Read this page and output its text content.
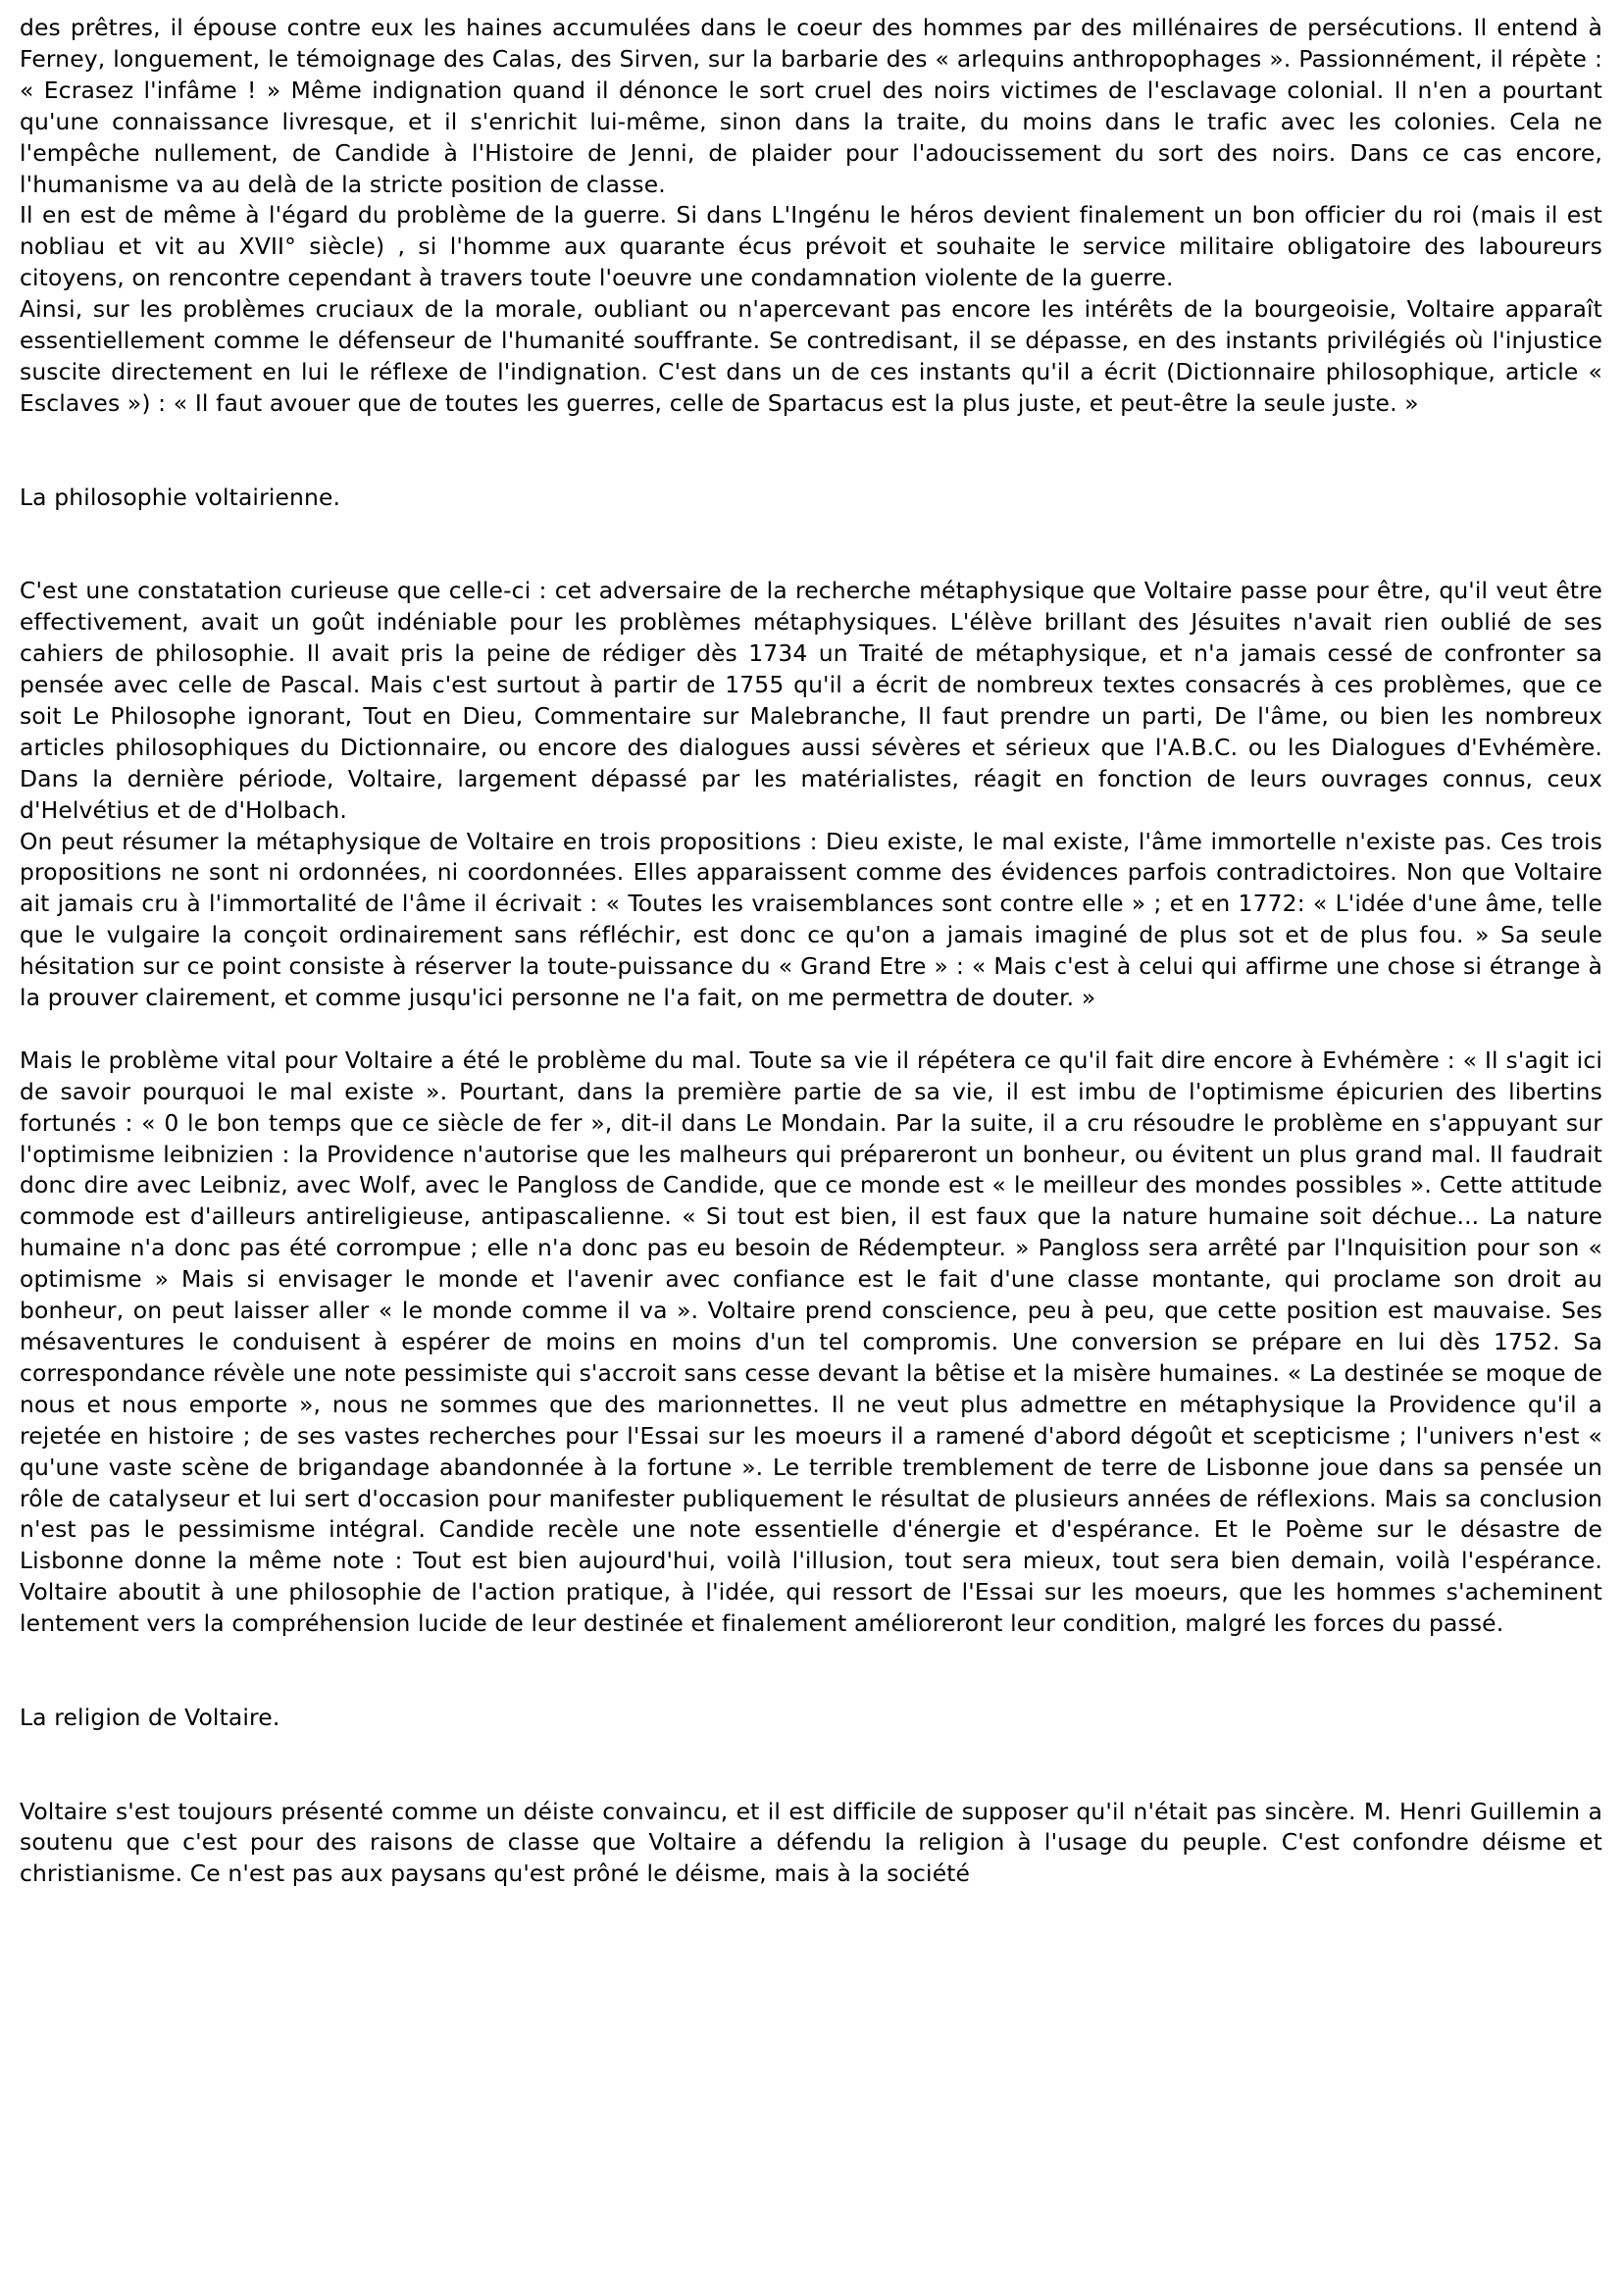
des prêtres, il épouse contre eux les haines accumulées dans le coeur des hommes par des millénaires de persécutions. Il entend à Ferney, longuement, le témoignage des Calas, des Sirven, sur la barbarie des « arlequins anthropophages ». Passionnément, il répète : « Ecrasez l'infâme ! » Même indignation quand il dénonce le sort cruel des noirs victimes de l'esclavage colonial. Il n'en a pourtant qu'une connaissance livresque, et il s'enrichit lui-même, sinon dans la traite, du moins dans le trafic avec les colonies. Cela ne l'empêche nullement, de Candide à l'Histoire de Jenni, de plaider pour l'adoucissement du sort des noirs. Dans ce cas encore, l'humanisme va au delà de la stricte position de classe.

Il en est de même à l'égard du problème de la guerre. Si dans L'Ingénu le héros devient finalement un bon officier du roi (mais il est nobliau et vit au XVII° siècle) , si l'homme aux quarante écus prévoit et souhaite le service militaire obligatoire des laboureurs citoyens, on rencontre cependant à travers toute l'oeuvre une condamnation violente de la guerre.

Ainsi, sur les problèmes cruciaux de la morale, oubliant ou n'apercevant pas encore les intérêts de la bourgeoisie, Voltaire apparaît essentiellement comme le défenseur de l'humanité souffrante. Se contredisant, il se dépasse, en des instants privilégiés où l'injustice suscite directement en lui le réflexe de l'indignation. C'est dans un de ces instants qu'il a écrit (Dictionnaire philosophique, article « Esclaves ») : « Il faut avouer que de toutes les guerres, celle de Spartacus est la plus juste, et peut-être la seule juste. »

La philosophie voltairienne.

C'est une constatation curieuse que celle-ci : cet adversaire de la recherche métaphysique que Voltaire passe pour être, qu'il veut être effectivement, avait un goût indéniable pour les problèmes métaphysiques. L'élève brillant des Jésuites n'avait rien oublié de ses cahiers de philosophie. Il avait pris la peine de rédiger dès 1734 un Traité de métaphysique, et n'a jamais cessé de confronter sa pensée avec celle de Pascal. Mais c'est surtout à partir de 1755 qu'il a écrit de nombreux textes consacrés à ces problèmes, que ce soit Le Philosophe ignorant, Tout en Dieu, Commentaire sur Malebranche, Il faut prendre un parti, De l'âme, ou bien les nombreux articles philosophiques du Dictionnaire, ou encore des dialogues aussi sévères et sérieux que l'A.B.C. ou les Dialogues d'Evhémère. Dans la dernière période, Voltaire, largement dépassé par les matérialistes, réagit en fonction de leurs ouvrages connus, ceux d'Helvétius et de d'Holbach.

On peut résumer la métaphysique de Voltaire en trois propositions : Dieu existe, le mal existe, l'âme immortelle n'existe pas. Ces trois propositions ne sont ni ordonnées, ni coordonnées. Elles apparaissent comme des évidences parfois contradictoires. Non que Voltaire ait jamais cru à l'immortalité de l'âme il écrivait : « Toutes les vraisemblances sont contre elle » ; et en 1772: « L'idée d'une âme, telle que le vulgaire la conçoit ordinairement sans réfléchir, est donc ce qu'on a jamais imaginé de plus sot et de plus fou. » Sa seule hésitation sur ce point consiste à réserver la toute-puissance du « Grand Etre » : « Mais c'est à celui qui affirme une chose si étrange à la prouver clairement, et comme jusqu'ici personne ne l'a fait, on me permettra de douter. »

Mais le problème vital pour Voltaire a été le problème du mal. Toute sa vie il répétera ce qu'il fait dire encore à Evhémère : « Il s'agit ici de savoir pourquoi le mal existe ». Pourtant, dans la première partie de sa vie, il est imbu de l'optimisme épicurien des libertins fortunés : « 0 le bon temps que ce siècle de fer », dit-il dans Le Mondain. Par la suite, il a cru résoudre le problème en s'appuyant sur l'optimisme leibnizien : la Providence n'autorise que les malheurs qui prépareront un bonheur, ou évitent un plus grand mal. Il faudrait donc dire avec Leibniz, avec Wolf, avec le Pangloss de Candide, que ce monde est « le meilleur des mondes possibles ». Cette attitude commode est d'ailleurs antireligieuse, antipascalienne. « Si tout est bien, il est faux que la nature humaine soit déchue... La nature humaine n'a donc pas été corrompue ; elle n'a donc pas eu besoin de Rédempteur. » Pangloss sera arrêté par l'Inquisition pour son « optimisme » Mais si envisager le monde et l'avenir avec confiance est le fait d'une classe montante, qui proclame son droit au bonheur, on peut laisser aller « le monde comme il va ». Voltaire prend conscience, peu à peu, que cette position est mauvaise. Ses mésaventures le conduisent à espérer de moins en moins d'un tel compromis. Une conversion se prépare en lui dès 1752. Sa correspondance révèle une note pessimiste qui s'accroit sans cesse devant la bêtise et la misère humaines. « La destinée se moque de nous et nous emporte », nous ne sommes que des marionnettes. Il ne veut plus admettre en métaphysique la Providence qu'il a rejetée en histoire ; de ses vastes recherches pour l'Essai sur les moeurs il a ramené d'abord dégoût et scepticisme ; l'univers n'est « qu'une vaste scène de brigandage abandonnée à la fortune ». Le terrible tremblement de terre de Lisbonne joue dans sa pensée un rôle de catalyseur et lui sert d'occasion pour manifester publiquement le résultat de plusieurs années de réflexions. Mais sa conclusion n'est pas le pessimisme intégral. Candide recèle une note essentielle d'énergie et d'espérance. Et le Poème sur le désastre de Lisbonne donne la même note : Tout est bien aujourd'hui, voilà l'illusion, tout sera mieux, tout sera bien demain, voilà l'espérance. Voltaire aboutit à une philosophie de l'action pratique, à l'idée, qui ressort de l'Essai sur les moeurs, que les hommes s'acheminent lentement vers la compréhension lucide de leur destinée et finalement amélioreront leur condition, malgré les forces du passé.

La religion de Voltaire.

Voltaire s'est toujours présenté comme un déiste convaincu, et il est difficile de supposer qu'il n'était pas sincère. M. Henri Guillemin a soutenu que c'est pour des raisons de classe que Voltaire a défendu la religion à l'usage du peuple. C'est confondre déisme et christianisme. Ce n'est pas aux paysans qu'est prôné le déisme, mais à la société
